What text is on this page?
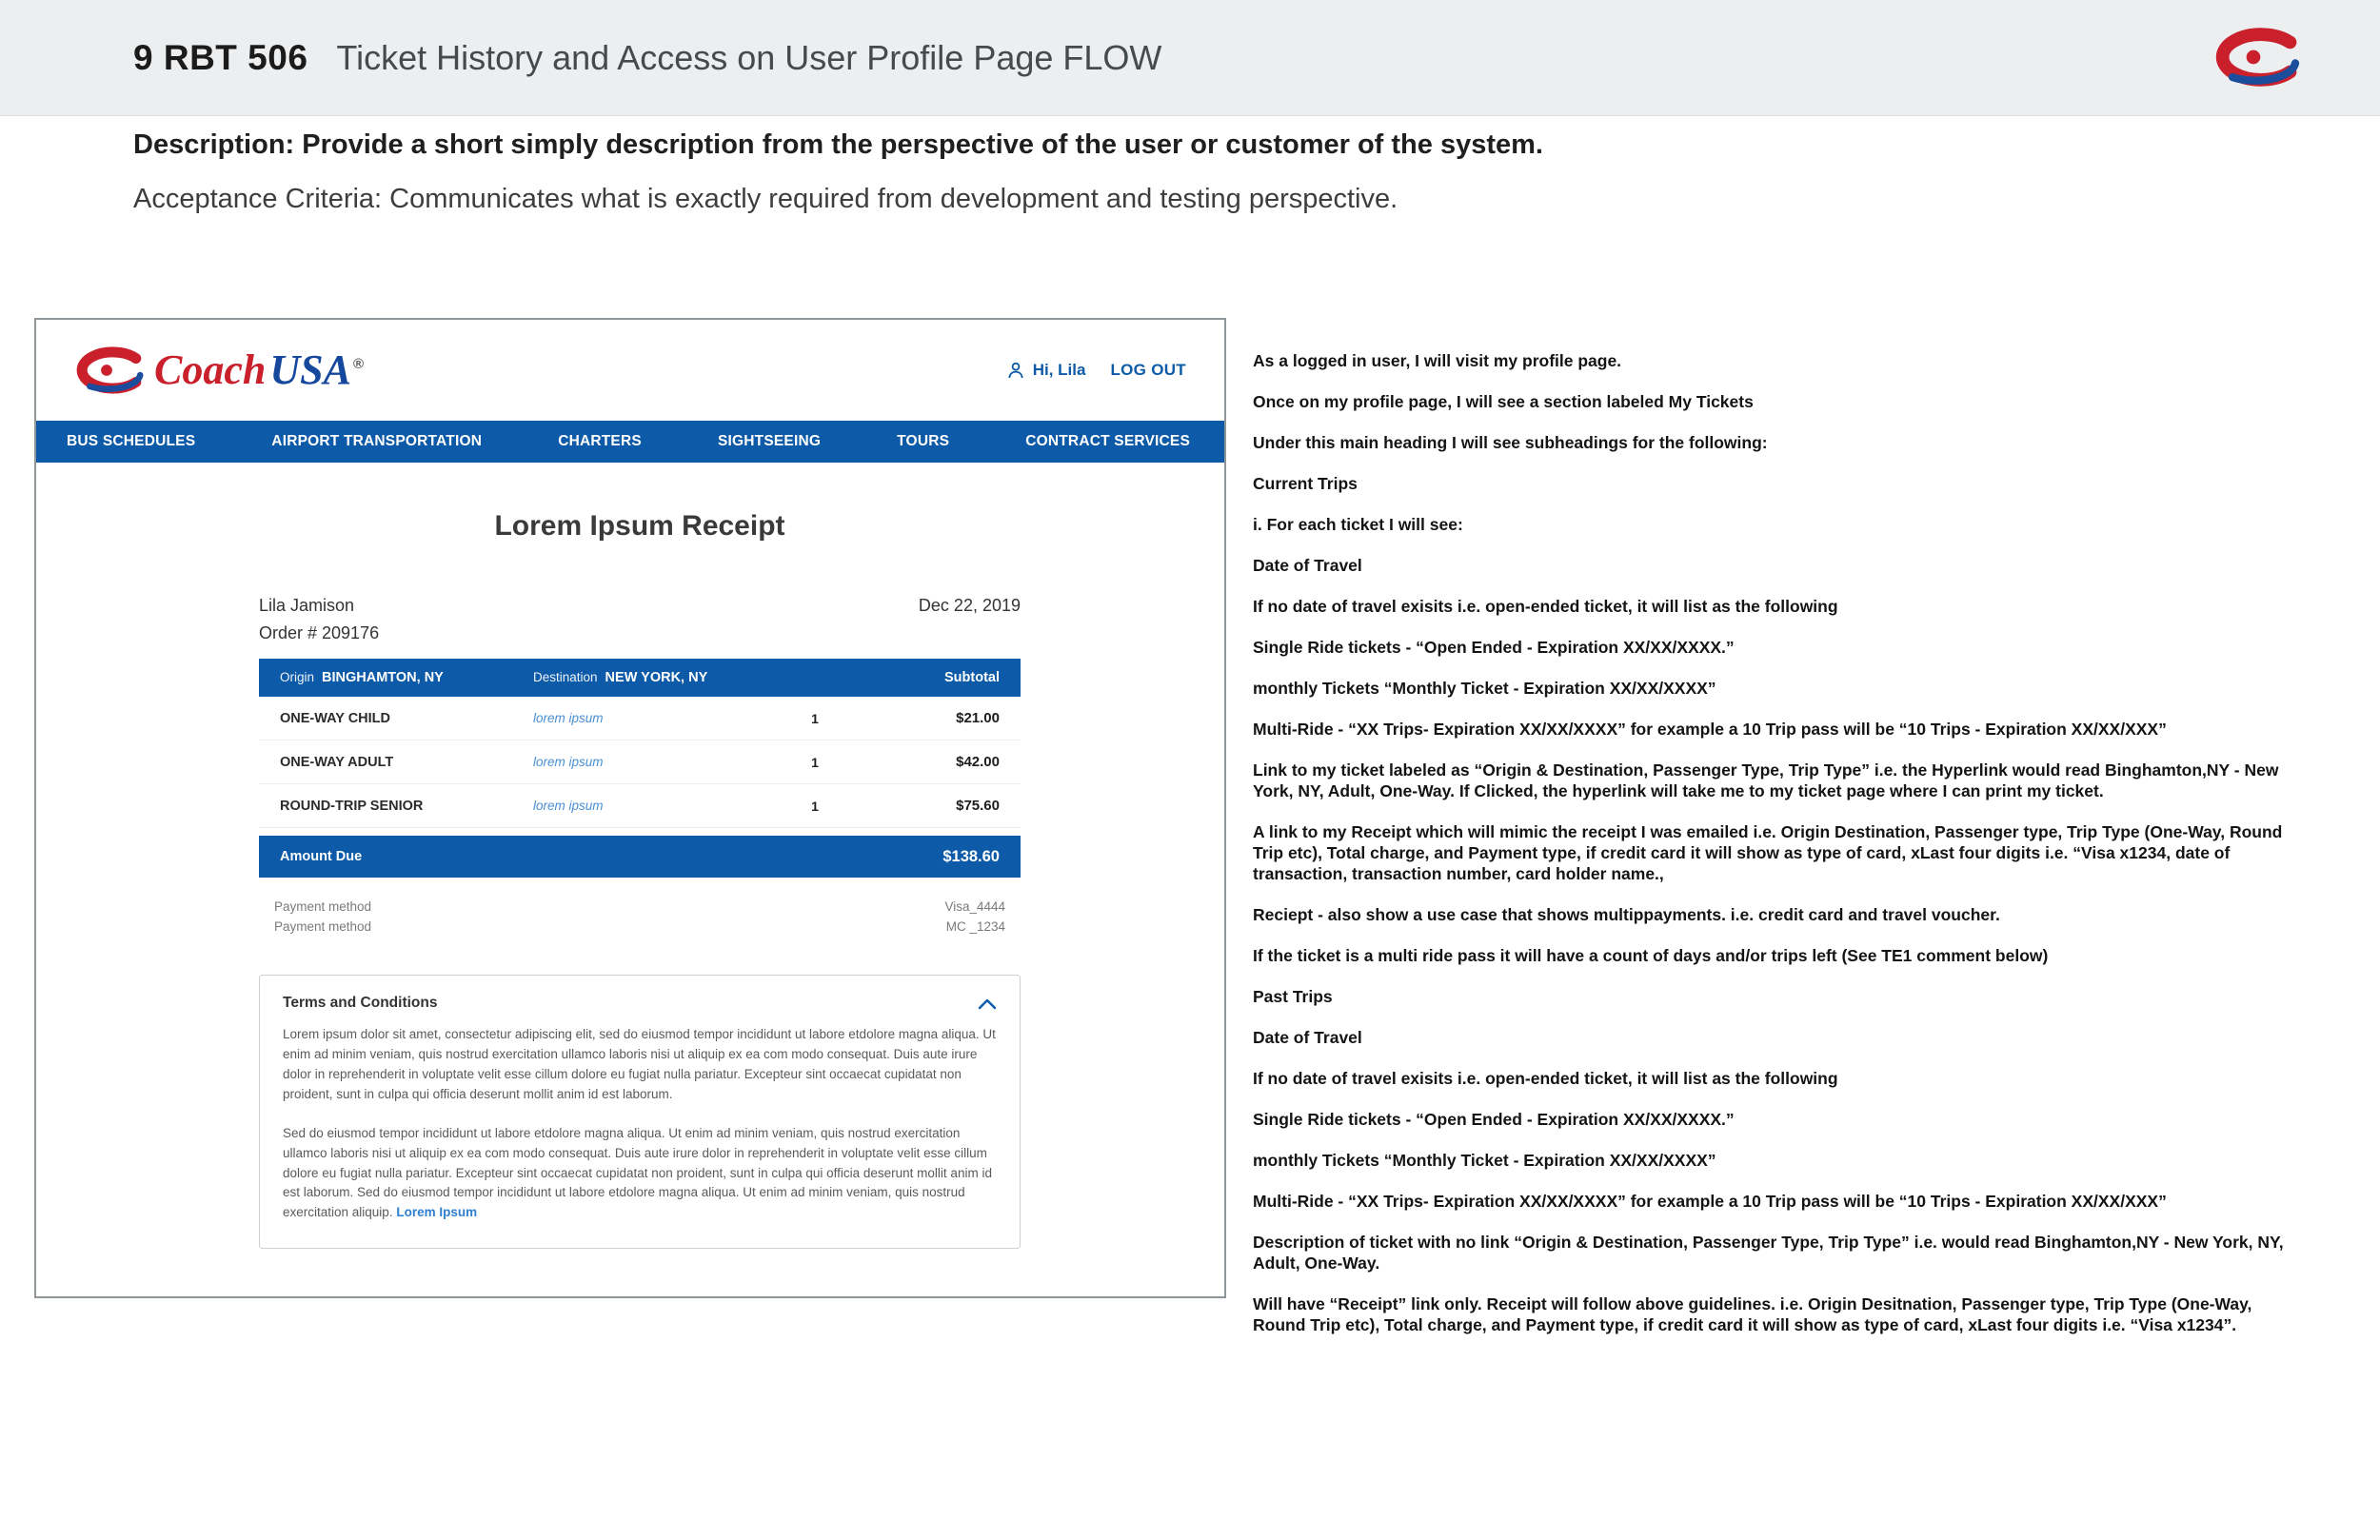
9 RBT 506 Ticket History and Access on User Profile Page FLOW

Description: Provide a short simply description from the perspective of the user or customer of the system.

Acceptance Criteria: Communicates what is exactly required from development and testing perspective.

CoachUSA ®	Hi, Lila LOG OUT
BUS SCHEDULES	AIRPORT TRANSPORTATION	CHARTERS	SIGHTSEEING	TOURS	CONTRACT SERVICES
Lorem Ipsum Receipt
Lila Jamison
Order # 209176
Dec 22, 2019
Origin BINGHAMTON, NY	Destination NEW YORK, NY	Subtotal
ONE-WAY CHILD	lorem ipsum	1	$21.00
ONE-WAY ADULT	lorem ipsum	1	$42.00
ROUND-TRIP SENIOR	lorem ipsum	1	$75.60
Amount Due	$138.60
Payment method	Visa_4444
Payment method	MC _1234
Terms and Conditions

Lorem ipsum dolor sit amet, consectetur adipiscing elit, sed do eiusmod tempor incididunt ut labore etdolore magna aliqua. Ut enim ad minim veniam, quis nostrud exercitation ullamco laboris nisi ut aliquip ex ea com modo consequat. Duis aute irure dolor in reprehenderit in voluptate velit esse cillum dolore eu fugiat nulla pariatur. Excepteur sint occaecat cupidatat non proident, sunt in culpa qui officia deserunt mollit anim id est laborum.

Sed do eiusmod tempor incididunt ut labore etdolore magna aliqua. Ut enim ad minim veniam, quis nostrud exercitation ullamco laboris nisi ut aliquip ex ea com modo consequat. Duis aute irure dolor in reprehenderit in voluptate velit esse cillum dolore eu fugiat nulla pariatur. Excepteur sint occaecat cupidatat non proident, sunt in culpa qui officia deserunt mollit anim id est laborum. Sed do eiusmod tempor incididunt ut labore etdolore magna aliqua. Ut enim ad minim veniam, quis nostrud exercitation aliquip. Lorem Ipsum

As a logged in user, I will visit my profile page.

Once on my profile page, I will see a section labeled My Tickets

Under this main heading I will see subheadings for the following:

Current Trips

i. For each ticket I will see:

Date of Travel

If no date of travel exisits i.e. open-ended ticket, it will list as the following

Single Ride tickets - “Open Ended - Expiration XX/XX/XXXX.”

monthly Tickets “Monthly Ticket - Expiration XX/XX/XXXX”

Multi-Ride - “XX Trips- Expiration XX/XX/XXXX” for example a 10 Trip pass will be “10 Trips - Expiration XX/XX/XXX”

Link to my ticket labeled as “Origin & Destination, Passenger Type, Trip Type” i.e. the Hyperlink would read Binghamton,NY - New York, NY, Adult, One-Way. If Clicked, the hyperlink will take me to my ticket page where I can print my ticket.

A link to my Receipt which will mimic the receipt I was emailed i.e. Origin Destination, Passenger type, Trip Type (One-Way, Round Trip etc), Total charge, and Payment type, if credit card it will show as type of card, xLast four digits i.e. “Visa x1234, date of transaction, transaction number, card holder name.,

Reciept - also show a use case that shows multippayments. i.e. credit card and travel voucher.

If the ticket is a multi ride pass it will have a count of days and/or trips left (See TE1 comment below)

Past Trips

Date of Travel

If no date of travel exisits i.e. open-ended ticket, it will list as the following

Single Ride tickets - “Open Ended - Expiration XX/XX/XXXX.”

monthly Tickets “Monthly Ticket - Expiration XX/XX/XXXX”

Multi-Ride - “XX Trips- Expiration XX/XX/XXXX” for example a 10 Trip pass will be “10 Trips - Expiration XX/XX/XXX”

Description of ticket with no link “Origin & Destination, Passenger Type, Trip Type” i.e. would read Binghamton,NY - New York, NY, Adult, One-Way.

Will have “Receipt” link only. Receipt will follow above guidelines. i.e. Origin Desitnation, Passenger type, Trip Type (One-Way, Round Trip etc), Total charge, and Payment type, if credit card it will show as type of card, xLast four digits i.e. “Visa x1234”.
